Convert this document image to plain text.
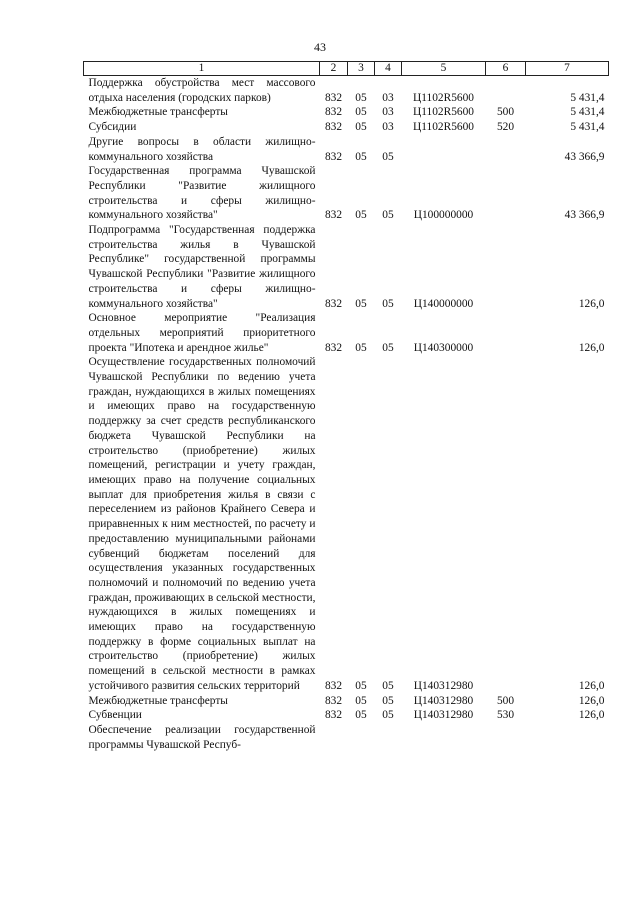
43
1	2	3	4	5	6	7
Поддержка обустройства мест массового отдыха населения (городских парков)	832	05	03	Ц1102R5600		5 431,4
Межбюджетные трансферты	832	05	03	Ц1102R5600	500	5 431,4
Субсидии	832	05	03	Ц1102R5600	520	5 431,4
Другие вопросы в области жилищно-коммунального хозяйства	832	05	05			43 366,9
Государственная программа Чувашской Республики "Развитие жилищного строительства и сферы жилищно-коммунального хозяйства"	832	05	05	Ц100000000		43 366,9
Подпрограмма "Государственная поддержка строительства жилья в Чувашской Республике" государственной программы Чувашской Республики "Развитие жилищного строительства и сферы жилищно-коммунального хозяйства"	832	05	05	Ц140000000		126,0
Основное мероприятие "Реализация отдельных мероприятий приоритетного проекта "Ипотека и арендное жилье"	832	05	05	Ц140300000		126,0
Осуществление государственных полномочий Чувашской Республики по ведению учета граждан, нуждающихся в жилых помещениях и имеющих право на государственную поддержку за счет средств республиканского бюджета Чувашской Республики на строительство (приобретение) жилых помещений, регистрации и учету граждан, имеющих право на получение социальных выплат для приобретения жилья в связи с переселением из районов Крайнего Севера и приравненных к ним местностей, по расчету и предоставлению муниципальными районами субвенций бюджетам поселений для осуществления указанных государственных полномочий и полномочий по ведению учета граждан, проживающих в сельской местности, нуждающихся в жилых помещениях и имеющих право на государственную поддержку в форме социальных выплат на строительство (приобретение) жилых помещений в сельской местности в рамках устойчивого развития сельских территорий	832	05	05	Ц140312980		126,0
Межбюджетные трансферты	832	05	05	Ц140312980	500	126,0
Субвенции	832	05	05	Ц140312980	530	126,0
Обеспечение реализации государственной программы Чувашской Респуб-						
